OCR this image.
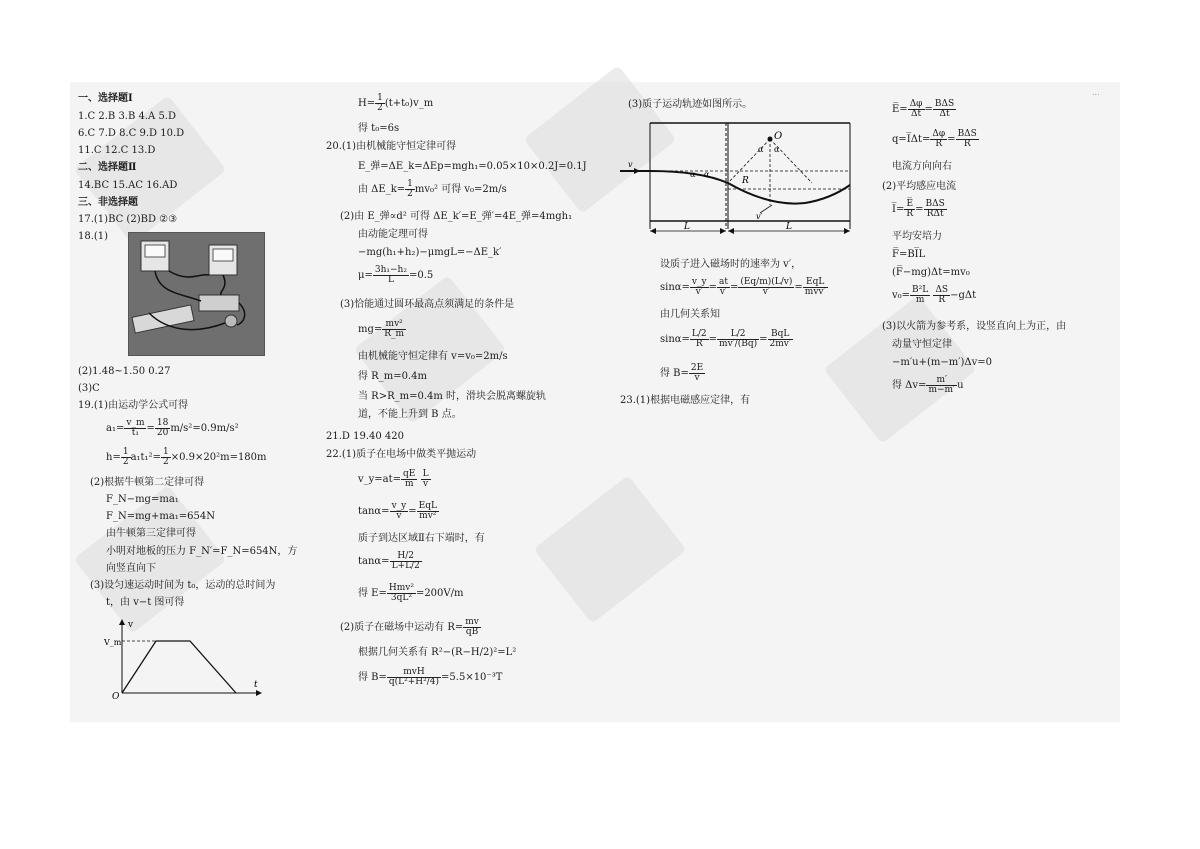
一、选择题Ⅰ
1.C 2.B 3.B 4.A 5.D
6.C 7.D 8.C 9.D 10.D
11.C 12.C 13.D
二、选择题Ⅱ
14.BC 15.AC 16.AD
三、非选择题
17.(1)BC (2)BD ②③
18.(1)
(2)1.48~1.50 0.27
(3)C
19.(1)由运动学公式可得
$a_1= \frac{v\_m}{\text{t₁}} = \frac{18}{20} m/s^2=0.9m/s^2$
$h= \frac{1}{2} a_1t_1^2= \frac{1}{2} \times 0.9\times 20^2m=180m$
(2)根据牛顿第二定律可得
F_N−mg=ma₁
F_N=mg+ma₁=654N
由牛顿第三定律可得
小明对地板的压力 F_N′=F_N=654N，方
向竖直向下
(3)设匀速运动时间为 t₀，运动的总时间为
t，由 v−t 图可得
v
V_m
O
t
$H= \frac{1}{2}$ (t+t₀)v_m
得 t₀=6s
20.(1)由机械能守恒定律可得
E_弹=ΔE_k=ΔEp=mgh₁=0.05×10×0.2J=0.1J
由 ΔE_k= $\frac{1}{2} mv_0^2$ 可得 v₀=2m/s
(2)由 E_弹∝d² 可得 ΔE_k′=E_弹′=4E_弹=4mgh₁
由动能定理可得
−mg(h₁+h₂)−μmgL=−ΔE_k′
$\mu= \frac{\text{3h₁−h₂}}{L} =0.5$
(3)恰能通过圆环最高点须满足的条件是
$mg= \frac{\text{mv²}}{R\_m}$
由机械能守恒定律有 v=v₀=2m/s
得 R_m=0.4m
当 R>R_m=0.4m 时，滑块会脱离螺旋轨
道，不能上升到 B 点。
21.D 19.40 420
22.(1)质子在电场中做类平抛运动
v_y=at= $\frac{qE}{m}$
$\frac{L}{v}$
$\tan\alpha= \frac{v\_y}{v} = \frac{\text{EqL}}{\text{mv²}}$
质子到达区域Ⅱ右下端时，有
$\tan\alpha= \frac{H/2}{L+L/2}$
得 $E= \frac{\text{Hmv²}}{\text{3qL²}} =200V/m$
(2)质子在磁场中运动有 $R= \frac{mv}{qB}$
根据几何关系有 R²−(R−H/2)²=L²
得 $B= \frac{\text{mvH}}{\text{q(L²+H²/4)}} =5.5\times 10^{-3}T$
(3)质子运动轨迹如图所示。
v
O
α α
α α
R
v′
L	L
设质子进入磁场时的速率为 v′，
$\sin\alpha= \frac{v\_y}{v'} = \frac{at}{v'} = \frac{(Eq/m)(L/v)}{v'} = \frac{\text{EqL}}{\text{mvv′}}$
由几何关系知
$\sin\alpha= \frac{L/2}{R} = \frac{L/2}{mv'/(Bq)} = \frac{\text{BqL}}{2mv'}$
得 $B= \frac{2E}{v}$
23.(1)根据电磁感应定律，有
E̅= $\frac{\Delta\varphi}{\Delta t} = \frac{\text{BΔS}}{\Delta t}$
q=I̅Δt= $\frac{\Delta\varphi}{R} = \frac{\text{BΔS}}{R}$
电流方向向右
(2)平均感应电流
I̅= $\frac{E̅}{R} = \frac{\text{BΔS}}{\text{RΔt}}$
平均安培力
F̅=BI̅L
(F̅−mg)Δt=mv₀
$v_0= \frac{\text{B²L}}{m}$
$\frac{\Delta S}{R} -g\Delta t$
(3)以火箭为参考系，设竖直向上为正，由
动量守恒定律
−m′u+(m−m′)Δv=0
得 $\Delta v= \frac{m'}{m-m'}$ u
...
